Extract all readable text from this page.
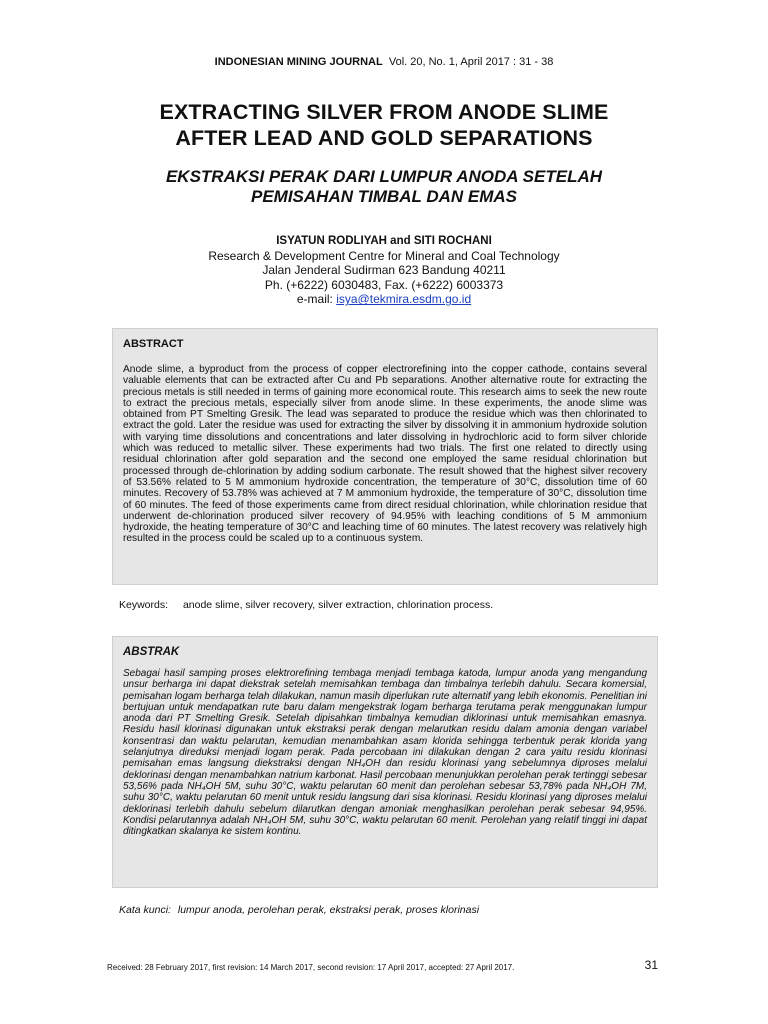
INDONESIAN MINING JOURNAL Vol. 20, No. 1, April 2017 : 31 - 38
EXTRACTING SILVER FROM ANODE SLIME
AFTER LEAD AND GOLD SEPARATIONS
EKSTRAKSI PERAK DARI LUMPUR ANODA SETELAH
PEMISAHAN TIMBAL DAN EMAS
ISYATUN RODLIYAH and SITI ROCHANI
Research & Development Centre for Mineral and Coal Technology
Jalan Jenderal Sudirman 623 Bandung 40211
Ph. (+6222) 6030483, Fax. (+6222) 6003373
e-mail: isya@tekmira.esdm.go.id
ABSTRACT

Anode slime, a byproduct from the process of copper electrorefining into the copper cathode, contains several valuable elements that can be extracted after Cu and Pb separations. Another alternative route for extracting the precious metals is still needed in terms of gaining more economical route. This research aims to seek the new route to extract the precious metals, especially silver from anode slime. In these experiments, the anode slime was obtained from PT Smelting Gresik. The lead was separated to produce the residue which was then chlorinated to extract the gold. Later the residue was used for extracting the silver by dissolving it in ammonium hydroxide solution with varying time dissolutions and concentrations and later dissolving in hydrochloric acid to form silver chloride which was reduced to metallic silver. These experiments had two trials. The first one related to directly using residual chlorination after gold separation and the second one employed the same residual chlorination but processed through de-chlorination by adding sodium carbonate. The result showed that the highest silver recovery of 53.56% related to 5 M ammonium hydroxide concentration, the temperature of 30°C, dissolution time of 60 minutes. Recovery of 53.78% was achieved at 7 M ammonium hydroxide, the temperature of 30°C, dissolution time of 60 minutes. The feed of those experiments came from direct residual chlorination, while chlorination residue that underwent de-chlorination produced silver recovery of 94.95% with leaching conditions of 5 M ammonium hydroxide, the heating temperature of 30°C and leaching time of 60 minutes. The latest recovery was relatively high resulted in the process could be scaled up to a continuous system.

Keywords: anode slime, silver recovery, silver extraction, chlorination process.
ABSTRAK

Sebagai hasil samping proses elektrorefining tembaga menjadi tembaga katoda, lumpur anoda yang mengandung unsur berharga ini dapat diekstrak setelah memisahkan tembaga dan timbalnya terlebih dahulu. Secara komersial, pemisahan logam berharga telah dilakukan, namun masih diperlukan rute alternatif yang lebih ekonomis. Penelitian ini bertujuan untuk mendapatkan rute baru dalam mengekstrak logam berharga terutama perak menggunakan lumpur anoda dari PT Smelting Gresik. Setelah dipisahkan timbalnya kemudian diklorinasi untuk memisahkan emasnya. Residu hasil klorinasi digunakan untuk ekstraksi perak dengan melarutkan residu dalam amonia dengan variabel konsentrasi dan waktu pelarutan, kemudian menambahkan asam klorida sehingga terbentuk perak klorida yang selanjutnya direduksi menjadi logam perak. Pada percobaan ini dilakukan dengan 2 cara yaitu residu klorinasi pemisahan emas langsung diekstraksi dengan NH₄OH dan residu klorinasi yang sebelumnya diproses melalui deklorinasi dengan menambahkan natrium karbonat. Hasil percobaan menunjukkan perolehan perak tertinggi sebesar 53,56% pada NH₄OH 5M, suhu 30°C, waktu pelarutan 60 menit dan perolehan sebesar 53,78% pada NH₄OH 7M, suhu 30°C, waktu pelarutan 60 menit untuk residu langsung dari sisa klorinasi. Residu klorinasi yang diproses melalui deklorinasi terlebih dahulu sebelum dilarutkan dengan amoniak menghasilkan perolehan perak sebesar 94,95%. Kondisi pelarutannya adalah NH₄OH 5M, suhu 30°C, waktu pelarutan 60 menit. Perolehan yang relatif tinggi ini dapat ditingkatkan skalanya ke sistem kontinu.

Kata kunci: lumpur anoda, perolehan perak, ekstraksi perak, proses klorinasi
Received: 28 February 2017, first revision: 14 March 2017, second revision: 17 April 2017, accepted: 27 April 2017.	31
